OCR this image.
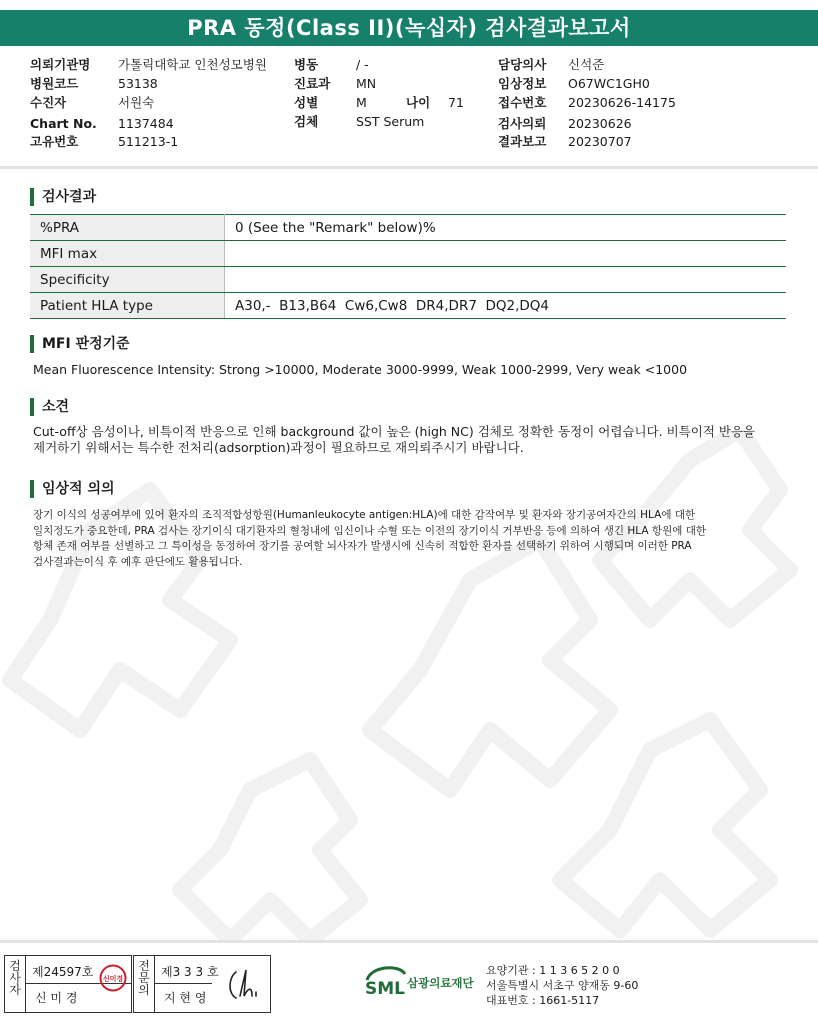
PRA 동정(Class II)(녹십자) 검사결과보고서
의뢰기관명 가톨릭대학교 인천성모병원
병원코드	53138
수진자	서원숙
Chart No. 1137484
고유번호	511213-1
병동	/ -
진료과 MN
성별	M	나이 71
검체	SST Serum
담당의사 신석준
임상정보 O67WC1GH0
접수번호 20230626-14175
검사의뢰 20230626
결과보고 20230707
검사결과
%PRA	0 (See the "Remark" below)%
MFI max	
Specificity	
Patient HLA type	A30,-  B13,B64  Cw6,Cw8  DR4,DR7  DQ2,DQ4
MFI 판정기준
Mean Fluorescence Intensity: Strong >10000, Moderate 3000-9999, Weak 1000-2999, Very weak <1000
소견
Cut-off상 음성이나, 비특이적 반응으로 인해 background 값이 높은 (high NC) 검체로 정확한 동정이 어렵습니다. 비특이적 반응을
제거하기 위해서는 특수한 전처리(adsorption)과정이 필요하므로 재의뢰주시기 바랍니다.
임상적 의의
장기 이식의 성공여부에 있어 환자의 조직적합성항원(Humanleukocyte antigen:HLA)에 대한 감작여부 및 환자와 장기공여자간의 HLA에 대한
일치정도가 중요한데, PRA 검사는 장기이식 대기환자의 혈청내에 임신이나 수혈 또는 이전의 장기이식 거부반응 등에 의하여 생긴 HLA 항원에 대한
항체 존재 여부를 선별하고 그 특이성을 동정하여 장기를 공여할 뇌사자가 발생시에 신속히 적합한 환자를 선택하기 위하여 시행되며 이러한 PRA
검사결과는이식 후 예후 판단에도 활용됩니다.
검사자
제24597호
신 미 경
신미경
전문의
제3 3 3 호
지 현 영	SML 삼광의료재단
요양기관 : 1 1 3 6 5 2 0 0
서울특별시 서초구 양재동 9-60
대표번호 : 1661-5117
